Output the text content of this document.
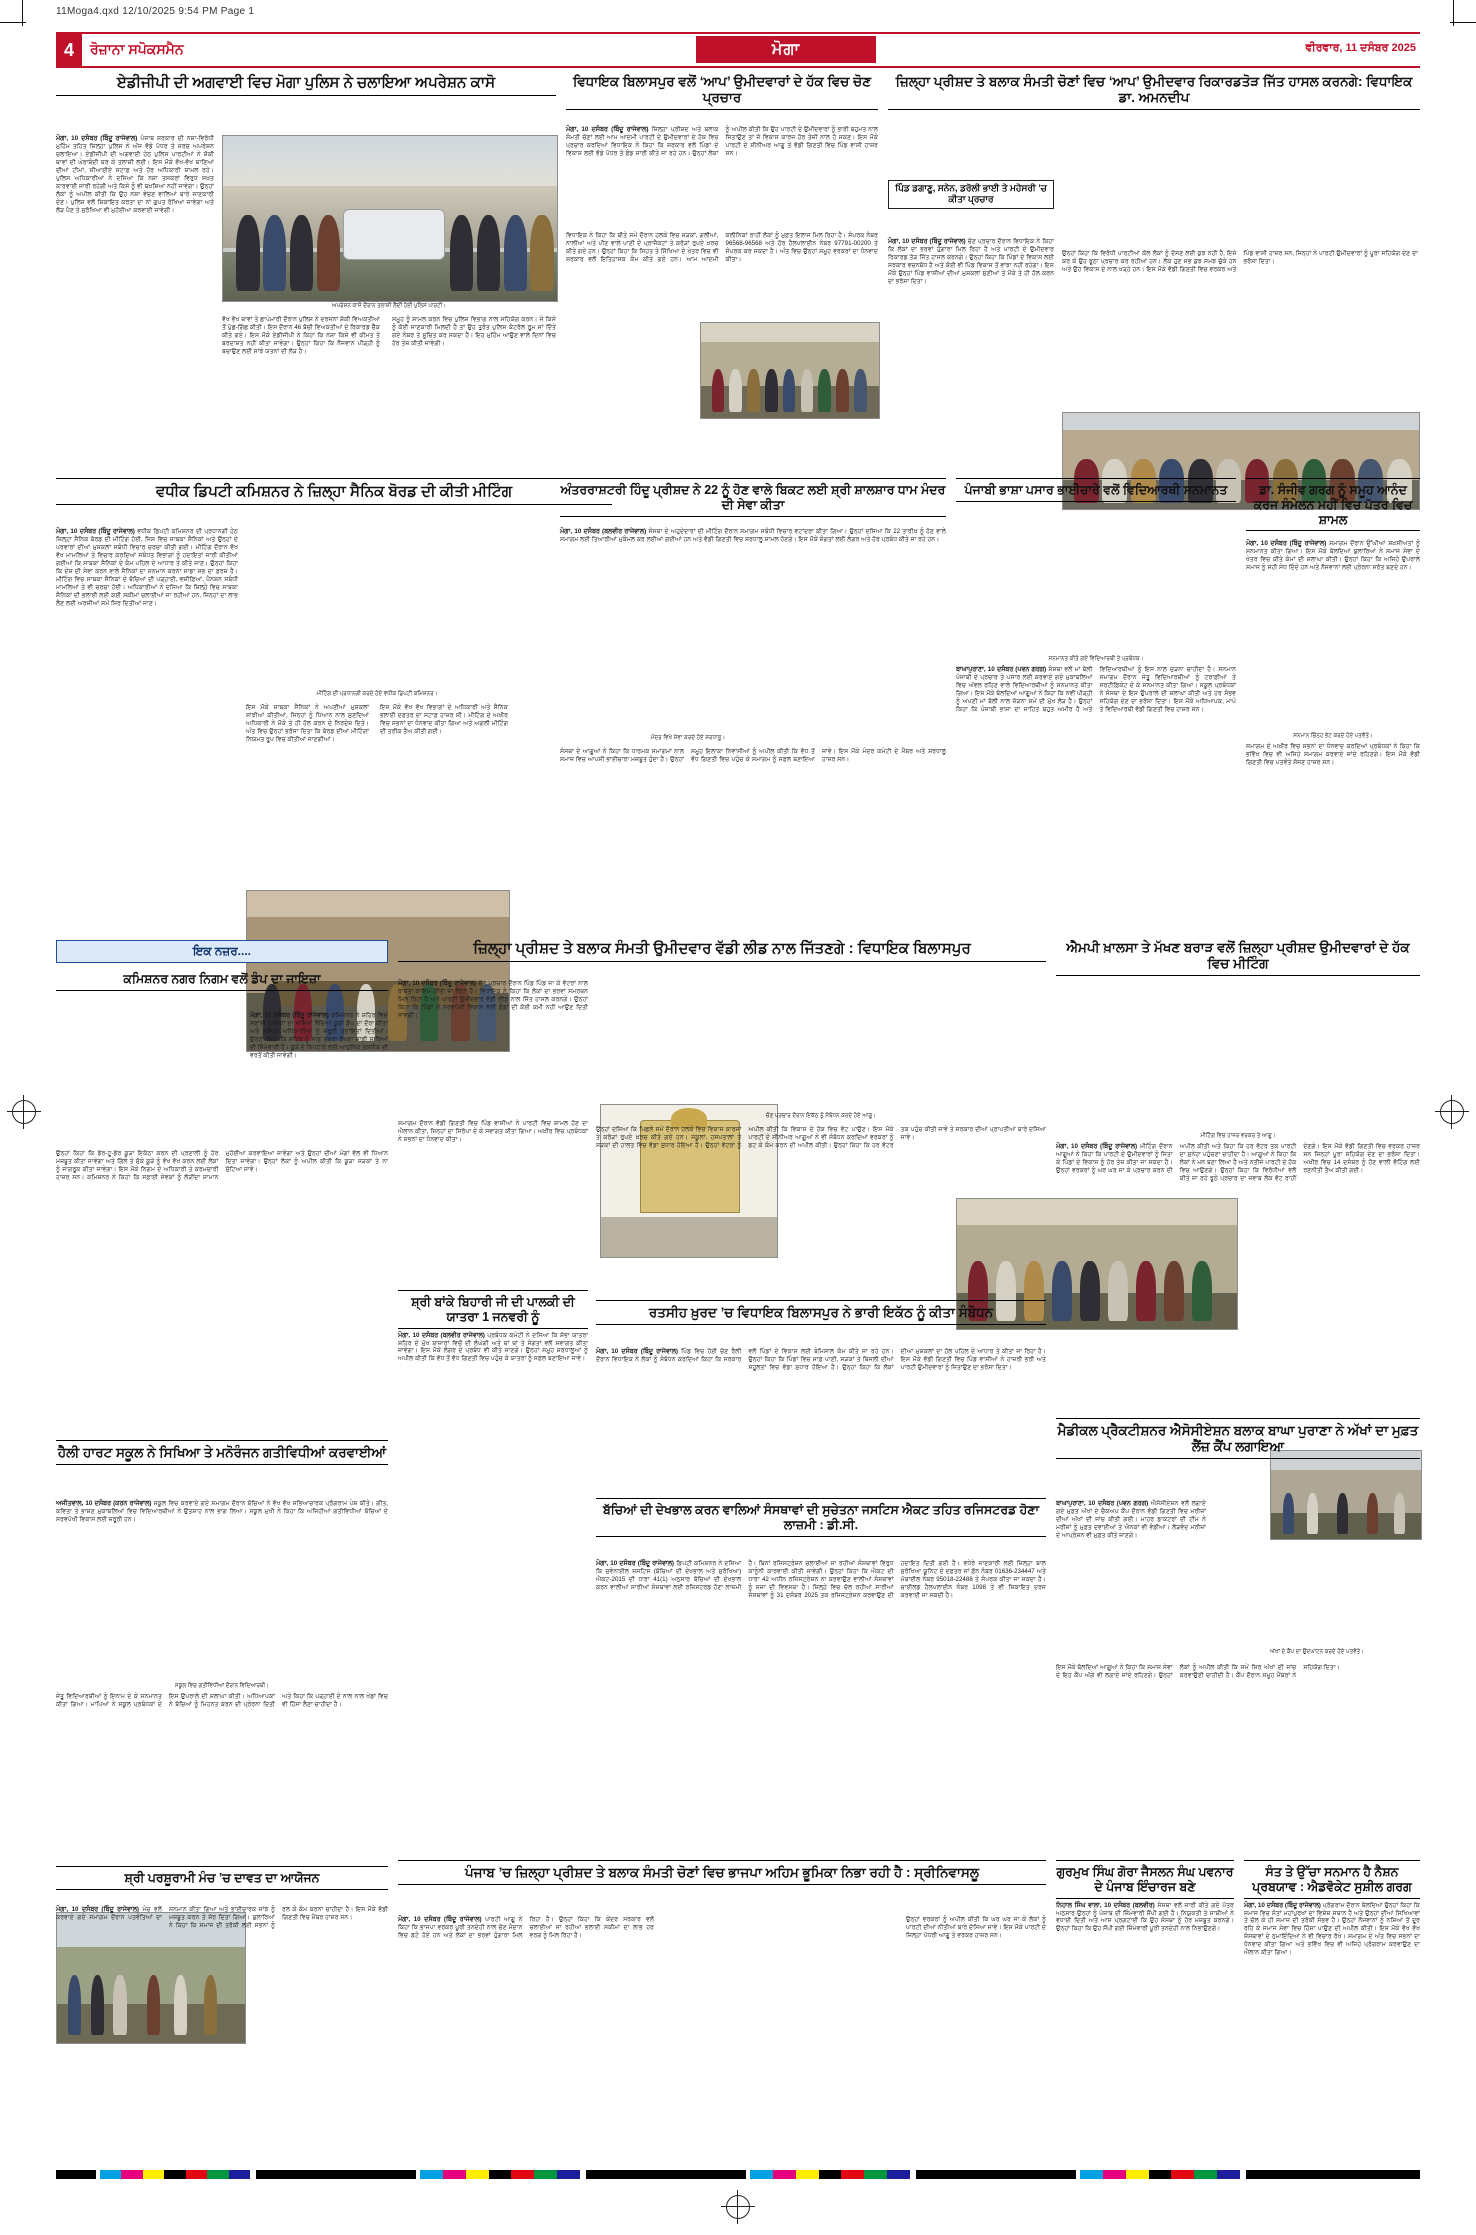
11Moga4.qxd 12/10/2025 9:54 PM Page 1
4	ਰੋਜ਼ਾਨਾ ਸਪੋਕਸਮੈਨ	ਮੋਗਾ	ਵੀਰਵਾਰ, 11 ਦਸੰਬਰ 2025
ਏਡੀਜੀਪੀ ਦੀ ਅਗਵਾਈ ਵਿਚ ਮੋਗਾ ਪੁਲਿਸ ਨੇ ਚਲਾਇਆ ਅਪਰੇਸ਼ਨ ਕਾਸੋ
ਮੋਗਾ, 10 ਦਸੰਬਰ (ਬਿੰਦੂ ਰਾਜੇਵਾਲ) ਪੰਜਾਬ ਸਰਕਾਰ ਦੀ ਨਸ਼ਾ-ਵਿਰੋਧੀ ਮੁਹਿੰਮ ਤਹਿਤ ਜ਼ਿਲ੍ਹਾ ਪੁਲਿਸ ਨੇ ਅੱਜ ਵੱਡੇ ਪੱਧਰ ਤੇ ਸਰਚ ਅਪਰੇਸ਼ਨ ਚਲਾਇਆ। ਏਡੀਜੀਪੀ ਦੀ ਅਗਵਾਈ ਹੇਠ ਪੁਲਿਸ ਪਾਰਟੀਆਂ ਨੇ ਸ਼ੱਕੀ ਥਾਵਾਂ ਦੀ ਘੇਰਾਬੰਦੀ ਕਰ ਕੇ ਤਲਾਸ਼ੀ ਲਈ। ਇਸ ਮੌਕੇ ਵੱਖ-ਵੱਖ ਥਾਣਿਆਂ ਦੀਆਂ ਟੀਮਾਂ, ਸੀਆਈਏ ਸਟਾਫ਼ ਅਤੇ ਹੋਰ ਅਧਿਕਾਰੀ ਸ਼ਾਮਲ ਰਹੇ। ਪੁਲਿਸ ਅਧਿਕਾਰੀਆਂ ਨੇ ਦਸਿਆ ਕਿ ਨਸ਼ਾ ਤਸਕਰਾਂ ਵਿਰੁਧ ਸਖ਼ਤ ਕਾਰਵਾਈ ਜਾਰੀ ਰਹੇਗੀ ਅਤੇ ਕਿਸੇ ਨੂੰ ਵੀ ਬਖ਼ਸ਼ਿਆ ਨਹੀਂ ਜਾਵੇਗਾ। ਉਨ੍ਹਾਂ ਲੋਕਾਂ ਨੂੰ ਅਪੀਲ ਕੀਤੀ ਕਿ ਉਹ ਨਸ਼ਾ ਵੇਚਣ ਵਾਲਿਆਂ ਬਾਰੇ ਜਾਣਕਾਰੀ ਦੇਣ। ਪੁਲਿਸ ਵਲੋਂ ਸ਼ਿਕਾਇਤ ਕਰਤਾ ਦਾ ਨਾਂ ਗੁਪਤ ਰੱਖਿਆ ਜਾਵੇਗਾ ਅਤੇ ਲੋੜ ਪੈਣ ਤੇ ਸੁਰੱਖਿਆ ਵੀ ਮੁਹੱਈਆ ਕਰਵਾਈ ਜਾਵੇਗੀ।
ਅਪਰੇਸ਼ਨ ਕਾਸੋ ਦੌਰਾਨ ਤਲਾਸ਼ੀ ਲੈਂਦੀ ਹੋਈ ਪੁਲਿਸ ਪਾਰਟੀ।
ਵੱਖ ਵੱਖ ਥਾਵਾਂ ਤੇ ਛਾਪੇਮਾਰੀ ਦੌਰਾਨ ਪੁਲਿਸ ਨੇ ਦਰਜਨਾਂ ਸ਼ੱਕੀ ਵਿਅਕਤੀਆਂ ਤੋਂ ਪੁੱਛ-ਗਿੱਛ ਕੀਤੀ। ਇਸ ਦੌਰਾਨ 46 ਬੱਚੀ ਵਿਅਕਤੀਆਂ ਦੇ ਰਿਕਾਰਡ ਚੈੱਕ ਕੀਤੇ ਗਏ। ਇਸ ਮੌਕੇ ਏਡੀਜੀਪੀ ਨੇ ਕਿਹਾ ਕਿ ਨਸ਼ਾ ਕਿਸੇ ਵੀ ਕੀਮਤ ਤੇ ਬਰਦਾਸ਼ਤ ਨਹੀਂ ਕੀਤਾ ਜਾਵੇਗਾ। ਉਨ੍ਹਾਂ ਕਿਹਾ ਕਿ ਨੌਜਵਾਨ ਪੀੜ੍ਹੀ ਨੂੰ ਬਚਾਉਣ ਲਈ ਸਾਂਝੇ ਯਤਨਾਂ ਦੀ ਲੋੜ ਹੈ।
ਸਮੂਹ ਨੂੰ ਸ਼ਾਮਲ ਕਰਨ ਵਿਚ ਪੁਲਿਸ ਵਿਭਾਗ ਨਾਲ ਸਹਿਯੋਗ ਕਰਨ। ਜੇ ਕਿਸੇ ਨੂੰ ਕੋਈ ਜਾਣਕਾਰੀ ਮਿਲਦੀ ਹੈ ਤਾਂ ਉਹ ਤੁਰੰਤ ਪੁਲਿਸ ਕੰਟਰੋਲ ਰੂਮ ਜਾਂ ਦਿੱਤੇ ਗਏ ਨੰਬਰ ਤੇ ਸੂਚਿਤ ਕਰ ਸਕਦਾ ਹੈ। ਇਹ ਮੁਹਿੰਮ ਆਉਣ ਵਾਲੇ ਦਿਨਾਂ ਵਿਚ ਹੋਰ ਤੇਜ਼ ਕੀਤੀ ਜਾਵੇਗੀ।
ਵਿਧਾਇਕ ਬਿਲਾਸਪੁਰ ਵਲੋਂ ‘ਆਪ’ ਉਮੀਦਵਾਰਾਂ ਦੇ ਹੱਕ ਵਿਚ ਚੋਣ ਪ੍ਰਚਾਰ
ਮੋਗਾ, 10 ਦਸੰਬਰ (ਬਿੰਦੂ ਰਾਜੇਵਾਲ) ਜ਼ਿਲ੍ਹਾ ਪ੍ਰੀਸ਼ਦ ਅਤੇ ਬਲਾਕ ਸੰਮਤੀ ਚੋਣਾਂ ਲਈ ਆਮ ਆਦਮੀ ਪਾਰਟੀ ਦੇ ਉਮੀਦਵਾਰਾਂ ਦੇ ਹੱਕ ਵਿਚ ਪ੍ਰਚਾਰ ਕਰਦਿਆਂ ਵਿਧਾਇਕ ਨੇ ਕਿਹਾ ਕਿ ਸਰਕਾਰ ਵਲੋਂ ਪਿੰਡਾਂ ਦੇ ਵਿਕਾਸ ਲਈ ਵੱਡੇ ਪੱਧਰ ਤੇ ਫੰਡ ਜਾਰੀ ਕੀਤੇ ਜਾ ਰਹੇ ਹਨ। ਉਨ੍ਹਾਂ ਲੋਕਾਂ ਨੂੰ ਅਪੀਲ ਕੀਤੀ ਕਿ ਉਹ ਪਾਰਟੀ ਦੇ ਉਮੀਦਵਾਰਾਂ ਨੂੰ ਭਾਰੀ ਬਹੁਮਤ ਨਾਲ ਜਿਤਾਉਣ ਤਾਂ ਜੋ ਵਿਕਾਸ ਕਾਰਜ ਹੋਰ ਤੇਜ਼ੀ ਨਾਲ ਹੋ ਸਕਣ। ਇਸ ਮੌਕੇ ਪਾਰਟੀ ਦੇ ਸੀਨੀਅਰ ਆਗੂ ਤੇ ਵੱਡੀ ਗਿਣਤੀ ਵਿਚ ਪਿੰਡ ਵਾਸੀ ਹਾਜ਼ਰ ਸਨ।
ਵਿਧਾਇਕ ਨੇ ਕਿਹਾ ਕਿ ਬੀਤੇ ਸਮੇਂ ਦੌਰਾਨ ਹਲਕੇ ਵਿਚ ਸੜਕਾਂ, ਗਲੀਆਂ, ਨਾਲੀਆਂ ਅਤੇ ਪੀਣ ਵਾਲੇ ਪਾਣੀ ਦੇ ਪ੍ਰਾਜੈਕਟਾਂ ਤੇ ਕਰੋੜਾਂ ਰੁਪਏ ਖ਼ਰਚ ਕੀਤੇ ਗਏ ਹਨ। ਉਨ੍ਹਾਂ ਕਿਹਾ ਕਿ ਸਿਹਤ ਤੇ ਸਿੱਖਿਆ ਦੇ ਖੇਤਰ ਵਿਚ ਵੀ ਸਰਕਾਰ ਵਲੋਂ ਇਤਿਹਾਸਕ ਕੰਮ ਕੀਤੇ ਗਏ ਹਨ। ਆਮ ਆਦਮੀ ਕਲੀਨਿਕਾਂ ਰਾਹੀਂ ਲੋਕਾਂ ਨੂੰ ਮੁਫ਼ਤ ਇਲਾਜ ਮਿਲ ਰਿਹਾ ਹੈ। ਸੰਪਰਕ ਨੰਬਰ 96568-96568 ਅਤੇ ਹੋਰ ਹੈਲਪਲਾਈਨ ਨੰਬਰ 97791-00200 ਤੇ ਸੰਪਰਕ ਕਰ ਸਕਦਾ ਹੈ। ਅੰਤ ਵਿਚ ਉਨ੍ਹਾਂ ਸਮੂਹ ਵਰਕਰਾਂ ਦਾ ਧੰਨਵਾਦ ਕੀਤਾ।
ਜ਼ਿਲ੍ਹਾ ਪ੍ਰੀਸ਼ਦ ਤੇ ਬਲਾਕ ਸੰਮਤੀ ਚੋਣਾਂ ਵਿਚ ‘ਆਪ’ ਉਮੀਦਵਾਰ ਰਿਕਾਰਡਤੋੜ ਜਿੱਤ ਹਾਸਲ ਕਰਨਗੇ: ਵਿਧਾਇਕ ਡਾ. ਅਮਨਦੀਪ
ਪਿੰਡ ਡਗਾਣੂ, ਸਨੇਨ, ਡਰੋਲੀ ਭਾਈ ਤੇ ਮਹੇਸਰੀ ’ਚ ਕੀਤਾ ਪ੍ਰਚਾਰ
ਮੋਗਾ, 10 ਦਸੰਬਰ (ਬਿੰਦੂ ਰਾਜੇਵਾਲ) ਚੋਣ ਪ੍ਰਚਾਰ ਦੌਰਾਨ ਵਿਧਾਇਕ ਨੇ ਕਿਹਾ ਕਿ ਲੋਕਾਂ ਦਾ ਭਰਵਾਂ ਹੁੰਗਾਰਾ ਮਿਲ ਰਿਹਾ ਹੈ ਅਤੇ ਪਾਰਟੀ ਦੇ ਉਮੀਦਵਾਰ ਰਿਕਾਰਡ ਤੋੜ ਜਿੱਤ ਹਾਸਲ ਕਰਨਗੇ। ਉਨ੍ਹਾਂ ਕਿਹਾ ਕਿ ਪਿੰਡਾਂ ਦੇ ਵਿਕਾਸ ਲਈ ਸਰਕਾਰ ਵਚਨਬੱਧ ਹੈ ਅਤੇ ਕੋਈ ਵੀ ਪਿੰਡ ਵਿਕਾਸ ਤੋਂ ਵਾਂਝਾ ਨਹੀਂ ਰਹੇਗਾ। ਇਸ ਮੌਕੇ ਉਨ੍ਹਾਂ ਪਿੰਡ ਵਾਸੀਆਂ ਦੀਆਂ ਮੁਸ਼ਕਲਾਂ ਸੁਣੀਆਂ ਤੇ ਮੌਕੇ ਤੇ ਹੀ ਹੱਲ ਕਰਨ ਦਾ ਭਰੋਸਾ ਦਿਤਾ।
ਉਨ੍ਹਾਂ ਕਿਹਾ ਕਿ ਵਿਰੋਧੀ ਪਾਰਟੀਆਂ ਕੋਲ ਲੋਕਾਂ ਨੂੰ ਦੱਸਣ ਲਈ ਕੁਝ ਨਹੀਂ ਹੈ, ਇਸੇ ਕਰ ਕੇ ਉਹ ਝੂਠਾ ਪ੍ਰਚਾਰ ਕਰ ਰਹੀਆਂ ਹਨ। ਲੋਕ ਹੁਣ ਸਭ ਕੁਝ ਸਮਝ ਚੁੱਕੇ ਹਨ ਅਤੇ ਉਹ ਵਿਕਾਸ ਦੇ ਨਾਲ ਖੜ੍ਹੇ ਹਨ। ਇਸ ਮੌਕੇ ਵੱਡੀ ਗਿਣਤੀ ਵਿਚ ਵਰਕਰ ਅਤੇ ਪਿੰਡ ਵਾਸੀ ਹਾਜ਼ਰ ਸਨ, ਜਿਨ੍ਹਾਂ ਨੇ ਪਾਰਟੀ ਉਮੀਦਵਾਰਾਂ ਨੂੰ ਪੂਰਾ ਸਹਿਯੋਗ ਦੇਣ ਦਾ ਭਰੋਸਾ ਦਿਤਾ।
ਵਧੀਕ ਡਿਪਟੀ ਕਮਿਸ਼ਨਰ ਨੇ ਜ਼ਿਲ੍ਹਾ ਸੈਨਿਕ ਬੋਰਡ ਦੀ ਕੀਤੀ ਮੀਟਿੰਗ
ਮੀਟਿੰਗ ਦੀ ਪ੍ਰਧਾਨਗੀ ਕਰਦੇ ਹੋਏ ਵਧੀਕ ਡਿਪਟੀ ਕਮਿਸ਼ਨਰ।
ਮੋਗਾ, 10 ਦਸੰਬਰ (ਬਿੰਦੂ ਰਾਜੇਵਾਲ) ਵਧੀਕ ਡਿਪਟੀ ਕਮਿਸ਼ਨਰ ਦੀ ਪ੍ਰਧਾਨਗੀ ਹੇਠ ਜ਼ਿਲ੍ਹਾ ਸੈਨਿਕ ਬੋਰਡ ਦੀ ਮੀਟਿੰਗ ਹੋਈ, ਜਿਸ ਵਿਚ ਸਾਬਕਾ ਸੈਨਿਕਾਂ ਅਤੇ ਉਨ੍ਹਾਂ ਦੇ ਪਰਵਾਰਾਂ ਦੀਆਂ ਮੁਸ਼ਕਲਾਂ ਸਬੰਧੀ ਵਿਚਾਰ ਚਰਚਾ ਕੀਤੀ ਗਈ। ਮੀਟਿੰਗ ਦੌਰਾਨ ਵੱਖ ਵੱਖ ਮਾਮਲਿਆਂ ਤੇ ਵਿਚਾਰ ਕਰਦਿਆਂ ਸਬੰਧਤ ਵਿਭਾਗਾਂ ਨੂੰ ਹਦਾਇਤਾਂ ਜਾਰੀ ਕੀਤੀਆਂ ਗਈਆਂ ਕਿ ਸਾਬਕਾ ਸੈਨਿਕਾਂ ਦੇ ਕੰਮ ਪਹਿਲ ਦੇ ਆਧਾਰ ਤੇ ਕੀਤੇ ਜਾਣ। ਉਨ੍ਹਾਂ ਕਿਹਾ ਕਿ ਦੇਸ਼ ਦੀ ਸੇਵਾ ਕਰਨ ਵਾਲੇ ਸੈਨਿਕਾਂ ਦਾ ਸਨਮਾਨ ਕਰਨਾ ਸਾਡਾ ਸਭ ਦਾ ਫ਼ਰਜ਼ ਹੈ। ਮੀਟਿੰਗ ਵਿਚ ਸਾਬਕਾ ਸੈਨਿਕਾਂ ਦੇ ਬੱਚਿਆਂ ਦੀ ਪੜ੍ਹਾਈ, ਵਜ਼ੀਫ਼ਿਆਂ, ਪੈਨਸ਼ਨ ਸਬੰਧੀ ਮਾਮਲਿਆਂ ਤੇ ਵੀ ਚਰਚਾ ਹੋਈ। ਅਧਿਕਾਰੀਆਂ ਨੇ ਦਸਿਆ ਕਿ ਜ਼ਿਲ੍ਹੇ ਵਿਚ ਸਾਬਕਾ ਸੈਨਿਕਾਂ ਦੀ ਭਲਾਈ ਲਈ ਕਈ ਸਕੀਮਾਂ ਚਲਾਈਆਂ ਜਾ ਰਹੀਆਂ ਹਨ, ਜਿਨ੍ਹਾਂ ਦਾ ਲਾਭ ਲੈਣ ਲਈ ਅਰਜ਼ੀਆਂ ਸਮੇਂ ਸਿਰ ਦਿਤੀਆਂ ਜਾਣ।
ਇਸ ਮੌਕੇ ਸਾਬਕਾ ਸੈਨਿਕਾਂ ਨੇ ਅਪਣੀਆਂ ਮੁਸ਼ਕਲਾਂ ਸਾਂਝੀਆਂ ਕੀਤੀਆਂ, ਜਿਨ੍ਹਾਂ ਨੂੰ ਧਿਆਨ ਨਾਲ ਸੁਣਦਿਆਂ ਅਧਿਕਾਰੀ ਨੇ ਮੌਕੇ ਤੇ ਹੀ ਹੱਲ ਕਰਨ ਦੇ ਨਿਰਦੇਸ਼ ਦਿਤੇ। ਅੰਤ ਵਿਚ ਉਨ੍ਹਾਂ ਭਰੋਸਾ ਦਿਤਾ ਕਿ ਬੋਰਡ ਦੀਆਂ ਮੀਟਿੰਗਾਂ ਨਿਯਮਤ ਰੂਪ ਵਿਚ ਕੀਤੀਆਂ ਜਾਣਗੀਆਂ।
ਇਸ ਮੌਕੇ ਵੱਖ ਵੱਖ ਵਿਭਾਗਾਂ ਦੇ ਅਧਿਕਾਰੀ ਅਤੇ ਸੈਨਿਕ ਭਲਾਈ ਦਫ਼ਤਰ ਦਾ ਸਟਾਫ਼ ਹਾਜ਼ਰ ਸੀ। ਮੀਟਿੰਗ ਦੇ ਅਖ਼ੀਰ ਵਿਚ ਸਭਨਾਂ ਦਾ ਧੰਨਵਾਦ ਕੀਤਾ ਗਿਆ ਅਤੇ ਅਗਲੀ ਮੀਟਿੰਗ ਦੀ ਤਰੀਕ ਤੈਅ ਕੀਤੀ ਗਈ।
ਅੰਤਰਰਾਸ਼ਟਰੀ ਹਿੰਦੂ ਪ੍ਰੀਸ਼ਦ ਨੇ 22 ਨੂੰ ਹੋਣ ਵਾਲੇ ਬਿਕਟ ਲਈ ਸ਼੍ਰੀ ਸ਼ਾਲਸ਼ਾਰ ਧਾਮ ਮੰਦਰ ਦੀ ਸੇਵਾ ਕੀਤਾ
ਮੋਗਾ, 10 ਦਸੰਬਰ (ਬਲਵੀਰ ਰਾਜੇਵਾਲ) ਸੰਸਥਾ ਦੇ ਅਹੁਦੇਦਾਰਾਂ ਦੀ ਮੀਟਿੰਗ ਦੌਰਾਨ ਸਮਾਗਮ ਸਬੰਧੀ ਵਿਚਾਰ ਵਟਾਂਦਰਾ ਕੀਤਾ ਗਿਆ। ਉਨ੍ਹਾਂ ਦਸਿਆ ਕਿ 22 ਤਾਰੀਖ਼ ਨੂੰ ਹੋਣ ਵਾਲੇ ਸਮਾਗਮ ਲਈ ਤਿਆਰੀਆਂ ਮੁਕੰਮਲ ਕਰ ਲਈਆਂ ਗਈਆਂ ਹਨ ਅਤੇ ਵੱਡੀ ਗਿਣਤੀ ਵਿਚ ਸ਼ਰਧਾਲੂ ਸ਼ਾਮਲ ਹੋਣਗੇ। ਇਸ ਮੌਕੇ ਸੰਗਤਾਂ ਲਈ ਲੰਗਰ ਅਤੇ ਹੋਰ ਪ੍ਰਬੰਧ ਕੀਤੇ ਜਾ ਰਹੇ ਹਨ।
ਮੰਦਰ ਵਿਖੇ ਸੇਵਾ ਕਰਦੇ ਹੋਏ ਸ਼ਰਧਾਲੂ।
ਸੰਸਥਾ ਦੇ ਆਗੂਆਂ ਨੇ ਕਿਹਾ ਕਿ ਧਾਰਮਕ ਸਮਾਗਮਾਂ ਨਾਲ ਸਮਾਜ ਵਿਚ ਆਪਸੀ ਭਾਈਚਾਰਾ ਮਜ਼ਬੂਤ ਹੁੰਦਾ ਹੈ। ਉਨ੍ਹਾਂ ਸਮੂਹ ਇਲਾਕਾ ਨਿਵਾਸੀਆਂ ਨੂੰ ਅਪੀਲ ਕੀਤੀ ਕਿ ਵੱਧ ਤੋਂ ਵੱਧ ਗਿਣਤੀ ਵਿਚ ਪਹੁੰਚ ਕੇ ਸਮਾਗਮ ਨੂੰ ਸਫ਼ਲ ਬਣਾਇਆ ਜਾਵੇ। ਇਸ ਮੌਕੇ ਮੰਦਰ ਕਮੇਟੀ ਦੇ ਮੈਂਬਰ ਅਤੇ ਸ਼ਰਧਾਲੂ ਹਾਜ਼ਰ ਸਨ।
ਪੰਜਾਬੀ ਭਾਸ਼ਾ ਪਸਾਰ ਭਾਈਚਾਰੇ ਵਲੋਂ ਵਿਦਿਆਰਥੀ ਸਨਮਾਨਤ
ਸਨਮਾਨਤ ਕੀਤੇ ਗਏ ਵਿਦਿਆਰਥੀ ਤੇ ਪ੍ਰਬੰਧਕ।
ਬਾਘਾਪੁਰਾਣਾ, 10 ਦਸੰਬਰ (ਪਵਨ ਗਰਗ) ਸੰਸਥਾ ਵਲੋਂ ਮਾਂ ਬੋਲੀ ਪੰਜਾਬੀ ਦੇ ਪ੍ਰਚਾਰ ਤੇ ਪਸਾਰ ਲਈ ਕਰਵਾਏ ਗਏ ਮੁਕਾਬਲਿਆਂ ਵਿਚ ਅੱਵਲ ਰਹਿਣ ਵਾਲੇ ਵਿਦਿਆਰਥੀਆਂ ਨੂੰ ਸਨਮਾਨਤ ਕੀਤਾ ਗਿਆ। ਇਸ ਮੌਕੇ ਬੋਲਦਿਆਂ ਆਗੂਆਂ ਨੇ ਕਿਹਾ ਕਿ ਨਵੀਂ ਪੀੜ੍ਹੀ ਨੂੰ ਅਪਣੀ ਮਾਂ ਬੋਲੀ ਨਾਲ ਜੋੜਨਾ ਸਮੇਂ ਦੀ ਮੁੱਖ ਲੋੜ ਹੈ। ਉਨ੍ਹਾਂ ਕਿਹਾ ਕਿ ਪੰਜਾਬੀ ਭਾਸ਼ਾ ਦਾ ਸਾਹਿਤ ਬਹੁਤ ਅਮੀਰ ਹੈ ਅਤੇ ਵਿਦਿਆਰਥੀਆਂ ਨੂੰ ਇਸ ਨਾਲ ਜੁੜਨਾ ਚਾਹੀਦਾ ਹੈ। ਸਨਮਾਨ ਸਮਾਗਮ ਦੌਰਾਨ ਜੇਤੂ ਵਿਦਿਆਰਥੀਆਂ ਨੂੰ ਟਰਾਫ਼ੀਆਂ ਤੇ ਸਰਟੀਫ਼ਿਕੇਟ ਦੇ ਕੇ ਸਨਮਾਨਤ ਕੀਤਾ ਗਿਆ। ਸਕੂਲ ਪ੍ਰਬੰਧਕਾਂ ਨੇ ਸੰਸਥਾ ਦੇ ਇਸ ਉਪਰਾਲੇ ਦੀ ਸ਼ਲਾਘਾ ਕੀਤੀ ਅਤੇ ਹਰ ਸੰਭਵ ਸਹਿਯੋਗ ਦੇਣ ਦਾ ਭਰੋਸਾ ਦਿਤਾ। ਇਸ ਮੌਕੇ ਅਧਿਆਪਕ, ਮਾਪੇ ਤੇ ਵਿਦਿਆਰਥੀ ਵੱਡੀ ਗਿਣਤੀ ਵਿਚ ਹਾਜ਼ਰ ਸਨ।
ਡਾ. ਸੰਜੀਵ ਗਰਗ ਨੂੰ ਸਮੂਹ ਆਨੰਦ ਕਰਜ ਸੰਮੇਲਨ ਮਹੀਂ ਵਿਚ ਪੱਤਰ ਵਿਚ ਸ਼ਾਮਲ
ਮੋਗਾ, 10 ਦਸੰਬਰ (ਬਿੰਦੂ ਰਾਜੇਵਾਲ) ਸਮਾਗਮ ਦੌਰਾਨ ਉੱਘੀਆਂ ਸ਼ਖ਼ਸੀਅਤਾਂ ਨੂੰ ਸਨਮਾਨਤ ਕੀਤਾ ਗਿਆ। ਇਸ ਮੌਕੇ ਬੋਲਦਿਆਂ ਬੁਲਾਰਿਆਂ ਨੇ ਸਮਾਜ ਸੇਵਾ ਦੇ ਖੇਤਰ ਵਿਚ ਕੀਤੇ ਕੰਮਾਂ ਦੀ ਸ਼ਲਾਘਾ ਕੀਤੀ। ਉਨ੍ਹਾਂ ਕਿਹਾ ਕਿ ਅਜਿਹੇ ਉਪਰਾਲੇ ਸਮਾਜ ਨੂੰ ਸਹੀ ਸੇਧ ਦਿੰਦੇ ਹਨ ਅਤੇ ਨੌਜਵਾਨਾਂ ਲਈ ਪ੍ਰੇਰਨਾ ਸਰੋਤ ਬਣਦੇ ਹਨ।
ਸਨਮਾਨ ਚਿੰਨ੍ਹ ਭੇਟ ਕਰਦੇ ਹੋਏ ਪਤਵੰਤੇ।
ਸਮਾਗਮ ਦੇ ਅਖ਼ੀਰ ਵਿਚ ਸਭਨਾਂ ਦਾ ਧੰਨਵਾਦ ਕਰਦਿਆਂ ਪ੍ਰਬੰਧਕਾਂ ਨੇ ਕਿਹਾ ਕਿ ਭਵਿੱਖ ਵਿਚ ਵੀ ਅਜਿਹੇ ਸਮਾਗਮ ਕਰਵਾਏ ਜਾਂਦੇ ਰਹਿਣਗੇ। ਇਸ ਮੌਕੇ ਵੱਡੀ ਗਿਣਤੀ ਵਿਚ ਪਤਵੰਤੇ ਸੱਜਣ ਹਾਜ਼ਰ ਸਨ।
ਇਕ ਨਜ਼ਰ....
ਕਮਿਸ਼ਨਰ ਨਗਰ ਨਿਗਮ ਵਲੋਂ ਡੰਪ ਦਾ ਜਾਇਜ਼ਾ
ਮੋਗਾ, 10 ਦਸੰਬਰ (ਬਿੰਦੂ ਰਾਜੇਵਾਲ) ਕਮਿਸ਼ਨਰ ਨੇ ਸ਼ਹਿਰ ਵਿਚ ਸਫ਼ਾਈ ਪ੍ਰਬੰਧਾਂ ਦਾ ਜਾਇਜ਼ਾ ਲੈਂਦਿਆਂ ਕੂੜਾ ਡੰਪ ਦਾ ਦੌਰਾ ਕੀਤਾ ਅਤੇ ਸਬੰਧਤ ਅਧਿਕਾਰੀਆਂ ਨੂੰ ਜ਼ਰੂਰੀ ਹਦਾਇਤਾਂ ਦਿਤੀਆਂ। ਉਨ੍ਹਾਂ ਕਿਹਾ ਕਿ ਸ਼ਹਿਰ ਨੂੰ ਸਾਫ਼ ਸੁਥਰਾ ਰੱਖਣਾ ਸਾਡੀ ਸਾਰਿਆਂ ਦੀ ਜ਼ਿੰਮੇਵਾਰੀ ਹੈ। ਕੂੜੇ ਦੇ ਨਿਪਟਾਰੇ ਲਈ ਆਧੁਨਿਕ ਤਕਨੀਕ ਦੀ ਵਰਤੋਂ ਕੀਤੀ ਜਾਵੇਗੀ।
ਉਨ੍ਹਾਂ ਕਿਹਾ ਕਿ ਡੋਰ-ਟੂ-ਡੋਰ ਕੂੜਾ ਇਕੱਠਾ ਕਰਨ ਦੀ ਪ੍ਰਣਾਲੀ ਨੂੰ ਹੋਰ ਮਜ਼ਬੂਤ ਕੀਤਾ ਜਾਵੇਗਾ ਅਤੇ ਗਿੱਲੇ ਤੇ ਸੁੱਕੇ ਕੂੜੇ ਨੂੰ ਵੱਖ ਵੱਖ ਕਰਨ ਲਈ ਲੋਕਾਂ ਨੂੰ ਜਾਗਰੂਕ ਕੀਤਾ ਜਾਵੇਗਾ। ਇਸ ਮੌਕੇ ਨਿਗਮ ਦੇ ਅਧਿਕਾਰੀ ਤੇ ਕਰਮਚਾਰੀ ਹਾਜ਼ਰ ਸਨ। ਕਮਿਸ਼ਨਰ ਨੇ ਕਿਹਾ ਕਿ ਸਫ਼ਾਈ ਸੇਵਕਾਂ ਨੂੰ ਲੋੜੀਂਦਾ ਸਾਮਾਨ ਮੁਹੱਈਆ ਕਰਵਾਇਆ ਜਾਵੇਗਾ ਅਤੇ ਉਨ੍ਹਾਂ ਦੀਆਂ ਮੰਗਾਂ ਵੱਲ ਵੀ ਧਿਆਨ ਦਿਤਾ ਜਾਵੇਗਾ। ਉਨ੍ਹਾਂ ਲੋਕਾਂ ਨੂੰ ਅਪੀਲ ਕੀਤੀ ਕਿ ਕੂੜਾ ਸੜਕਾਂ ਤੇ ਨਾ ਸੁੱਟਿਆ ਜਾਵੇ।
ਹੈਲੀ ਹਾਰਟ ਸਕੂਲ ਨੇ ਸਿਖਿਆ ਤੇ ਮਨੋਰੰਜਨ ਗਤੀਵਿਧੀਆਂ ਕਰਵਾਈਆਂ
ਅਜੀਤਵਾਲ, 10 ਦਸੰਬਰ (ਕਰਨ ਰਾਜੇਵਾਲ) ਸਕੂਲ ਵਿਚ ਕਰਵਾਏ ਗਏ ਸਮਾਗਮ ਦੌਰਾਨ ਬੱਚਿਆਂ ਨੇ ਵੱਖ ਵੱਖ ਸਭਿਆਚਾਰਕ ਪ੍ਰੋਗਰਾਮ ਪੇਸ਼ ਕੀਤੇ। ਗੀਤ, ਕਵਿਤਾ ਤੇ ਭਾਸ਼ਣ ਮੁਕਾਬਲਿਆਂ ਵਿਚ ਵਿਦਿਆਰਥੀਆਂ ਨੇ ਉਤਸ਼ਾਹ ਨਾਲ ਭਾਗ ਲਿਆ। ਸਕੂਲ ਮੁਖੀ ਨੇ ਕਿਹਾ ਕਿ ਅਜਿਹੀਆਂ ਗਤੀਵਿਧੀਆਂ ਬੱਚਿਆਂ ਦੇ ਸਰਵਪੱਖੀ ਵਿਕਾਸ ਲਈ ਜ਼ਰੂਰੀ ਹਨ।
ਸਕੂਲ ਵਿਚ ਗਤੀਵਿਧੀਆਂ ਦੌਰਾਨ ਵਿਦਿਆਰਥੀ।
ਜੇਤੂ ਵਿਦਿਆਰਥੀਆਂ ਨੂੰ ਇਨਾਮ ਦੇ ਕੇ ਸਨਮਾਨਤ ਕੀਤਾ ਗਿਆ। ਮਾਪਿਆਂ ਨੇ ਸਕੂਲ ਪ੍ਰਬੰਧਕਾਂ ਦੇ ਇਸ ਉਪਰਾਲੇ ਦੀ ਸ਼ਲਾਘਾ ਕੀਤੀ। ਅਧਿਆਪਕਾਂ ਨੇ ਬੱਚਿਆਂ ਨੂੰ ਮਿਹਨਤ ਕਰਨ ਦੀ ਪ੍ਰੇਰਨਾ ਦਿਤੀ ਅਤੇ ਕਿਹਾ ਕਿ ਪੜ੍ਹਾਈ ਦੇ ਨਾਲ ਨਾਲ ਖੇਡਾਂ ਵਿਚ ਵੀ ਹਿੱਸਾ ਲੈਣਾ ਚਾਹੀਦਾ ਹੈ।
ਸ਼੍ਰੀ ਪਰਸ਼ੂਰਾਮੀ ਮੰਚ ’ਚ ਦਾਵਤ ਦਾ ਆਯੋਜਨ
ਮੋਗਾ, 10 ਦਸੰਬਰ (ਬਿੰਦੂ ਰਾਜੇਵਾਲ) ਮੰਚ ਵਲੋਂ ਕਰਵਾਏ ਗਏ ਸਮਾਗਮ ਦੌਰਾਨ ਪਤਵੰਤਿਆਂ ਦਾ ਸਨਮਾਨ ਕੀਤਾ ਗਿਆ ਅਤੇ ਭਾਈਚਾਰਕ ਸਾਂਝ ਨੂੰ ਮਜ਼ਬੂਤ ਕਰਨ ਤੇ ਜ਼ੋਰ ਦਿਤਾ ਗਿਆ। ਬੁਲਾਰਿਆਂ ਨੇ ਕਿਹਾ ਕਿ ਸਮਾਜ ਦੀ ਤਰੱਕੀ ਲਈ ਸਭਨਾਂ ਨੂੰ ਰਲ ਕੇ ਕੰਮ ਕਰਨਾ ਚਾਹੀਦਾ ਹੈ। ਇਸ ਮੌਕੇ ਵੱਡੀ ਗਿਣਤੀ ਵਿਚ ਮੈਂਬਰ ਹਾਜ਼ਰ ਸਨ।
ਜ਼ਿਲ੍ਹਾ ਪ੍ਰੀਸ਼ਦ ਤੇ ਬਲਾਕ ਸੰਮਤੀ ਉਮੀਦਵਾਰ ਵੱਡੀ ਲੀਡ ਨਾਲ ਜਿੱਤਣਗੇ : ਵਿਧਾਇਕ ਬਿਲਾਸਪੁਰ
ਮੋਗਾ, 10 ਦਸੰਬਰ (ਬਿੰਦੂ ਰਾਜੇਵਾਲ) ਚੋਣ ਪ੍ਰਚਾਰ ਦੌਰਾਨ ਪਿੰਡ ਪਿੰਡ ਜਾ ਕੇ ਵੋਟਰਾਂ ਨਾਲ ਰਾਬਤਾ ਕਾਇਮ ਕੀਤਾ ਜਾ ਰਿਹਾ ਹੈ। ਵਿਧਾਇਕ ਨੇ ਕਿਹਾ ਕਿ ਲੋਕਾਂ ਦਾ ਭਰਵਾਂ ਸਮਰਥਨ ਮਿਲ ਰਿਹਾ ਹੈ ਅਤੇ ਪਾਰਟੀ ਉਮੀਦਵਾਰ ਵੱਡੀ ਲੀਡ ਨਾਲ ਜਿੱਤ ਹਾਸਲ ਕਰਨਗੇ। ਉਨ੍ਹਾਂ ਕਿਹਾ ਕਿ ਪਿੰਡਾਂ ਦੇ ਸਰਵਪੱਖੀ ਵਿਕਾਸ ਲਈ ਫੰਡਾਂ ਦੀ ਕੋਈ ਕਮੀ ਨਹੀਂ ਆਉਣ ਦਿਤੀ ਜਾਵੇਗੀ।
ਚੋਣ ਪ੍ਰਚਾਰ ਦੌਰਾਨ ਇਕੱਠ ਨੂੰ ਸੰਬੋਧਨ ਕਰਦੇ ਹੋਏ ਆਗੂ।
ਉਨ੍ਹਾਂ ਦਸਿਆ ਕਿ ਪਿਛਲੇ ਸਮੇਂ ਦੌਰਾਨ ਹਲਕੇ ਵਿਚ ਵਿਕਾਸ ਕਾਰਜਾਂ ਤੇ ਕਰੋੜਾਂ ਰੁਪਏ ਖ਼ਰਚ ਕੀਤੇ ਗਏ ਹਨ। ਸਕੂਲਾਂ, ਹਸਪਤਾਲਾਂ ਤੇ ਸੜਕਾਂ ਦੀ ਹਾਲਤ ਵਿਚ ਵੱਡਾ ਸੁਧਾਰ ਹੋਇਆ ਹੈ। ਉਨ੍ਹਾਂ ਵੋਟਰਾਂ ਨੂੰ ਅਪੀਲ ਕੀਤੀ ਕਿ ਵਿਕਾਸ ਦੇ ਹੱਕ ਵਿਚ ਵੋਟ ਪਾਉਣ। ਇਸ ਮੌਕੇ ਪਾਰਟੀ ਦੇ ਸੀਨੀਅਰ ਆਗੂਆਂ ਨੇ ਵੀ ਸੰਬੋਧਨ ਕਰਦਿਆਂ ਵਰਕਰਾਂ ਨੂੰ ਡਟ ਕੇ ਕੰਮ ਕਰਨ ਦੀ ਅਪੀਲ ਕੀਤੀ। ਉਨ੍ਹਾਂ ਕਿਹਾ ਕਿ ਹਰ ਵੋਟਰ ਤਕ ਪਹੁੰਚ ਕੀਤੀ ਜਾਵੇ ਤੇ ਸਰਕਾਰ ਦੀਆਂ ਪ੍ਰਾਪਤੀਆਂ ਬਾਰੇ ਦਸਿਆ ਜਾਵੇ।
ਸਮਾਗਮ ਦੌਰਾਨ ਵੱਡੀ ਗਿਣਤੀ ਵਿਚ ਪਿੰਡ ਵਾਸੀਆਂ ਨੇ ਪਾਰਟੀ ਵਿਚ ਸ਼ਾਮਲ ਹੋਣ ਦਾ ਐਲਾਨ ਕੀਤਾ, ਜਿਨ੍ਹਾਂ ਦਾ ਸਿਰੋਪਾ ਦੇ ਕੇ ਸਵਾਗਤ ਕੀਤਾ ਗਿਆ। ਅਖ਼ੀਰ ਵਿਚ ਪ੍ਰਬੰਧਕਾਂ ਨੇ ਸਭਨਾਂ ਦਾ ਧੰਨਵਾਦ ਕੀਤਾ।
ਸ਼੍ਰੀ ਬਾਂਕੇ ਬਿਹਾਰੀ ਜੀ ਦੀ ਪਾਲਕੀ ਦੀ ਯਾਤਰਾ 1 ਜਨਵਰੀ ਨੂੰ
ਮੋਗਾ, 10 ਦਸੰਬਰ (ਬਲਵੀਰ ਰਾਜੇਵਾਲ) ਪ੍ਰਬੰਧਕ ਕਮੇਟੀ ਨੇ ਦਸਿਆ ਕਿ ਸ਼ੋਭਾ ਯਾਤਰਾ ਸ਼ਹਿਰ ਦੇ ਮੁੱਖ ਬਾਜ਼ਾਰਾਂ ਵਿਚੋਂ ਦੀ ਲੰਘੇਗੀ ਅਤੇ ਥਾਂ ਥਾਂ ਤੇ ਸੰਗਤਾਂ ਵਲੋਂ ਸਵਾਗਤ ਕੀਤਾ ਜਾਵੇਗਾ। ਇਸ ਮੌਕੇ ਲੰਗਰ ਦੇ ਪ੍ਰਬੰਧ ਵੀ ਕੀਤੇ ਜਾਣਗੇ। ਉਨ੍ਹਾਂ ਸਮੂਹ ਸ਼ਰਧਾਲੂਆਂ ਨੂੰ ਅਪੀਲ ਕੀਤੀ ਕਿ ਵੱਧ ਤੋਂ ਵੱਧ ਗਿਣਤੀ ਵਿਚ ਪਹੁੰਚ ਕੇ ਯਾਤਰਾ ਨੂੰ ਸਫ਼ਲ ਬਣਾਇਆ ਜਾਵੇ।
ਰਤਸੀਹ ਖ਼ੁਰਦ ’ਚ ਵਿਧਾਇਕ ਬਿਲਾਸਪੁਰ ਨੇ ਭਾਰੀ ਇਕੱਠ ਨੂੰ ਕੀਤਾ ਸੰਬੋਧਨ
ਮੋਗਾ, 10 ਦਸੰਬਰ (ਬਿੰਦੂ ਰਾਜੇਵਾਲ) ਪਿੰਡ ਵਿਚ ਹੋਈ ਚੋਣ ਰੈਲੀ ਦੌਰਾਨ ਵਿਧਾਇਕ ਨੇ ਲੋਕਾਂ ਨੂੰ ਸੰਬੋਧਨ ਕਰਦਿਆਂ ਕਿਹਾ ਕਿ ਸਰਕਾਰ ਵਲੋਂ ਪਿੰਡਾਂ ਦੇ ਵਿਕਾਸ ਲਈ ਬੇਮਿਸਾਲ ਕੰਮ ਕੀਤੇ ਜਾ ਰਹੇ ਹਨ। ਉਨ੍ਹਾਂ ਕਿਹਾ ਕਿ ਪਿੰਡਾਂ ਵਿਚ ਸਾਫ਼ ਪਾਣੀ, ਸੜਕਾਂ ਤੇ ਬਿਜਲੀ ਦੀਆਂ ਸਹੂਲਤਾਂ ਵਿਚ ਵੱਡਾ ਸੁਧਾਰ ਹੋਇਆ ਹੈ। ਉਨ੍ਹਾਂ ਕਿਹਾ ਕਿ ਲੋਕਾਂ ਦੀਆਂ ਮੁਸ਼ਕਲਾਂ ਦਾ ਹੱਲ ਪਹਿਲ ਦੇ ਆਧਾਰ ਤੇ ਕੀਤਾ ਜਾ ਰਿਹਾ ਹੈ। ਇਸ ਮੌਕੇ ਵੱਡੀ ਗਿਣਤੀ ਵਿਚ ਪਿੰਡ ਵਾਸੀਆਂ ਨੇ ਹਾਜ਼ਰੀ ਭਰੀ ਅਤੇ ਪਾਰਟੀ ਉਮੀਦਵਾਰਾਂ ਨੂੰ ਜਿਤਾਉਣ ਦਾ ਭਰੋਸਾ ਦਿਤਾ।
ਬੱਚਿਆਂ ਦੀ ਦੇਖਭਾਲ ਕਰਨ ਵਾਲਿਆਂ ਸੰਸਥਾਵਾਂ ਦੀ ਸੁਚੇਤਨਾ ਜਸਟਿਸ ਐਕਟ ਤਹਿਤ ਰਜਿਸਟਰਡ ਹੋਣਾ ਲਾਜ਼ਮੀ : ਡੀ.ਸੀ.
ਮੋਗਾ, 10 ਦਸੰਬਰ (ਬਿੰਦੂ ਰਾਜੇਵਾਲ) ਡਿਪਟੀ ਕਮਿਸ਼ਨਰ ਨੇ ਦਸਿਆ ਕਿ ਜੁਵੇਨਾਈਲ ਜਸਟਿਸ (ਬੱਚਿਆਂ ਦੀ ਦੇਖਭਾਲ ਅਤੇ ਸੁਰੱਖਿਆ) ਐਕਟ-2015 ਦੀ ਧਾਰਾ 41(1) ਅਨੁਸਾਰ ਬੱਚਿਆਂ ਦੀ ਦੇਖਭਾਲ ਕਰਨ ਵਾਲੀਆਂ ਸਾਰੀਆਂ ਸੰਸਥਾਵਾਂ ਲਈ ਰਜਿਸਟਰਡ ਹੋਣਾ ਲਾਜ਼ਮੀ ਹੈ। ਬਿਨਾਂ ਰਜਿਸਟ੍ਰੇਸ਼ਨ ਚਲਾਈਆਂ ਜਾ ਰਹੀਆਂ ਸੰਸਥਾਵਾਂ ਵਿਰੁਧ ਕਾਨੂੰਨੀ ਕਾਰਵਾਈ ਕੀਤੀ ਜਾਵੇਗੀ। ਉਨ੍ਹਾਂ ਕਿਹਾ ਕਿ ਐਕਟ ਦੀ ਧਾਰਾ 42 ਅਧੀਨ ਰਜਿਸਟ੍ਰੇਸ਼ਨ ਨਾ ਕਰਵਾਉਣ ਵਾਲੀਆਂ ਸੰਸਥਾਵਾਂ ਨੂੰ ਸਜ਼ਾ ਦੀ ਵਿਵਸਥਾ ਹੈ। ਜ਼ਿਲ੍ਹੇ ਵਿਚ ਚੱਲ ਰਹੀਆਂ ਸਾਰੀਆਂ ਸੰਸਥਾਵਾਂ ਨੂੰ 31 ਦਸੰਬਰ 2025 ਤਕ ਰਜਿਸਟ੍ਰੇਸ਼ਨ ਕਰਵਾਉਣ ਦੀ ਹਦਾਇਤ ਦਿਤੀ ਗਈ ਹੈ। ਵਧੇਰੇ ਜਾਣਕਾਰੀ ਲਈ ਜ਼ਿਲ੍ਹਾ ਬਾਲ ਸੁਰੱਖਿਆ ਯੂਨਿਟ ਦੇ ਦਫ਼ਤਰ ਜਾਂ ਫ਼ੋਨ ਨੰਬਰ 01636-234447 ਅਤੇ ਮੋਬਾਈਲ ਨੰਬਰ 95018-22488 ਤੇ ਸੰਪਰਕ ਕੀਤਾ ਜਾ ਸਕਦਾ ਹੈ। ਚਾਈਲਡ ਹੈਲਪਲਾਈਨ ਨੰਬਰ 1098 ਤੇ ਵੀ ਸ਼ਿਕਾਇਤ ਦਰਜ ਕਰਵਾਈ ਜਾ ਸਕਦੀ ਹੈ।
ਪੰਜਾਬ ’ਚ ਜ਼ਿਲ੍ਹਾ ਪ੍ਰੀਸ਼ਦ ਤੇ ਬਲਾਕ ਸੰਮਤੀ ਚੋਣਾਂ ਵਿਚ ਭਾਜਪਾ ਅਹਿਮ ਭੂਮਿਕਾ ਨਿਭਾ ਰਹੀ ਹੈ : ਸ੍ਰੀਨਿਵਾਸਲੂ
ਮੋਗਾ, 10 ਦਸੰਬਰ (ਬਿੰਦੂ ਰਾਜੇਵਾਲ) ਪਾਰਟੀ ਆਗੂ ਨੇ ਕਿਹਾ ਕਿ ਭਾਜਪਾ ਵਰਕਰ ਪੂਰੀ ਤਨਦੇਹੀ ਨਾਲ ਚੋਣ ਮੈਦਾਨ ਵਿਚ ਡਟੇ ਹੋਏ ਹਨ ਅਤੇ ਲੋਕਾਂ ਦਾ ਭਰਵਾਂ ਹੁੰਗਾਰਾ ਮਿਲ ਰਿਹਾ ਹੈ। ਉਨ੍ਹਾਂ ਕਿਹਾ ਕਿ ਕੇਂਦਰ ਸਰਕਾਰ ਵਲੋਂ ਚਲਾਈਆਂ ਜਾ ਰਹੀਆਂ ਭਲਾਈ ਸਕੀਮਾਂ ਦਾ ਲਾਭ ਹਰ ਵਰਗ ਨੂੰ ਮਿਲ ਰਿਹਾ ਹੈ।
ਉਨ੍ਹਾਂ ਵਰਕਰਾਂ ਨੂੰ ਅਪੀਲ ਕੀਤੀ ਕਿ ਘਰ ਘਰ ਜਾ ਕੇ ਲੋਕਾਂ ਨੂੰ ਪਾਰਟੀ ਦੀਆਂ ਨੀਤੀਆਂ ਬਾਰੇ ਦੱਸਿਆ ਜਾਵੇ। ਇਸ ਮੌਕੇ ਪਾਰਟੀ ਦੇ ਜ਼ਿਲ੍ਹਾ ਪੱਧਰੀ ਆਗੂ ਤੇ ਵਰਕਰ ਹਾਜ਼ਰ ਸਨ।
ਐਮਪੀ ਖ਼ਾਲਸਾ ਤੇ ਮੱਖਣ ਬਰਾੜ ਵਲੋਂ ਜ਼ਿਲ੍ਹਾ ਪ੍ਰੀਸ਼ਦ ਉਮੀਦਵਾਰਾਂ ਦੇ ਹੱਕ ਵਿਚ ਮੀਟਿੰਗ
ਮੀਟਿੰਗ ਵਿਚ ਹਾਜ਼ਰ ਵਰਕਰ ਤੇ ਆਗੂ।
ਮੋਗਾ, 10 ਦਸੰਬਰ (ਬਿੰਦੂ ਰਾਜੇਵਾਲ) ਮੀਟਿੰਗ ਦੌਰਾਨ ਆਗੂਆਂ ਨੇ ਕਿਹਾ ਕਿ ਪਾਰਟੀ ਦੇ ਉਮੀਦਵਾਰਾਂ ਨੂੰ ਜਿਤਾ ਕੇ ਪਿੰਡਾਂ ਦੇ ਵਿਕਾਸ ਨੂੰ ਹੋਰ ਤੇਜ਼ ਕੀਤਾ ਜਾ ਸਕਦਾ ਹੈ। ਉਨ੍ਹਾਂ ਵਰਕਰਾਂ ਨੂੰ ਘਰ ਘਰ ਜਾ ਕੇ ਪ੍ਰਚਾਰ ਕਰਨ ਦੀ ਅਪੀਲ ਕੀਤੀ ਅਤੇ ਕਿਹਾ ਕਿ ਹਰ ਵੋਟਰ ਤਕ ਪਾਰਟੀ ਦਾ ਸੁਨੇਹਾ ਪਹੁੰਚਣਾ ਚਾਹੀਦਾ ਹੈ। ਆਗੂਆਂ ਨੇ ਕਿਹਾ ਕਿ ਲੋਕਾਂ ਨੇ ਮਨ ਬਣਾ ਲਿਆ ਹੈ ਅਤੇ ਨਤੀਜੇ ਪਾਰਟੀ ਦੇ ਹੱਕ ਵਿਚ ਆਉਣਗੇ। ਉਨ੍ਹਾਂ ਕਿਹਾ ਕਿ ਵਿਰੋਧੀਆਂ ਵਲੋਂ ਕੀਤੇ ਜਾ ਰਹੇ ਝੂਠੇ ਪ੍ਰਚਾਰ ਦਾ ਜਵਾਬ ਲੋਕ ਵੋਟ ਰਾਹੀਂ ਦੇਣਗੇ। ਇਸ ਮੌਕੇ ਵੱਡੀ ਗਿਣਤੀ ਵਿਚ ਵਰਕਰ ਹਾਜ਼ਰ ਸਨ ਜਿਨ੍ਹਾਂ ਪੂਰਾ ਸਹਿਯੋਗ ਦੇਣ ਦਾ ਭਰੋਸਾ ਦਿਤਾ। ਅਖ਼ੀਰ ਵਿਚ 14 ਦਸੰਬਰ ਨੂੰ ਹੋਣ ਵਾਲੀ ਵੋਟਿੰਗ ਲਈ ਰਣਨੀਤੀ ਤੈਅ ਕੀਤੀ ਗਈ।
ਮੈਡੀਕਲ ਪ੍ਰੈਕਟੀਸ਼ਨਰ ਐਸੋਸੀਏਸ਼ਨ ਬਲਾਕ ਬਾਘਾ ਪੁਰਾਣਾ ਨੇ ਅੱਖਾਂ ਦਾ ਮੁਫ਼ਤ ਲੈਂਜ਼ ਕੈਂਪ ਲਗਾਇਆ
ਬਾਘਾਪੁਰਾਣਾ, 10 ਦਸੰਬਰ (ਪਵਨ ਗਰਗ) ਐਸੋਸੀਏਸ਼ਨ ਵਲੋਂ ਲਗਾਏ ਗਏ ਮੁਫ਼ਤ ਅੱਖਾਂ ਦੇ ਚੈਕਅਪ ਕੈਂਪ ਦੌਰਾਨ ਵੱਡੀ ਗਿਣਤੀ ਵਿਚ ਮਰੀਜ਼ਾਂ ਦੀਆਂ ਅੱਖਾਂ ਦੀ ਜਾਂਚ ਕੀਤੀ ਗਈ। ਮਾਹਰ ਡਾਕਟਰਾਂ ਦੀ ਟੀਮ ਨੇ ਮਰੀਜ਼ਾਂ ਨੂੰ ਮੁਫ਼ਤ ਦਵਾਈਆਂ ਤੇ ਐਨਕਾਂ ਵੀ ਵੰਡੀਆਂ। ਲੋੜਵੰਦ ਮਰੀਜ਼ਾਂ ਦੇ ਆਪ੍ਰੇਸ਼ਨ ਵੀ ਮੁਫ਼ਤ ਕੀਤੇ ਜਾਣਗੇ।
ਅੱਖਾਂ ਦੇ ਕੈਂਪ ਦਾ ਉਦਘਾਟਨ ਕਰਦੇ ਹੋਏ ਪਤਵੰਤੇ।
ਇਸ ਮੌਕੇ ਬੋਲਦਿਆਂ ਆਗੂਆਂ ਨੇ ਕਿਹਾ ਕਿ ਸਮਾਜ ਸੇਵਾ ਦੇ ਇਹ ਕੈਂਪ ਅੱਗੇ ਵੀ ਲਗਾਏ ਜਾਂਦੇ ਰਹਿਣਗੇ। ਉਨ੍ਹਾਂ ਲੋਕਾਂ ਨੂੰ ਅਪੀਲ ਕੀਤੀ ਕਿ ਸਮੇਂ ਸਿਰ ਅੱਖਾਂ ਦੀ ਜਾਂਚ ਕਰਵਾਉਣੀ ਚਾਹੀਦੀ ਹੈ। ਕੈਂਪ ਦੌਰਾਨ ਸਮੂਹ ਮੈਂਬਰਾਂ ਨੇ ਸਹਿਯੋਗ ਦਿਤਾ।
ਗੁਰਮੁਖ ਸਿੰਘ ਗੋਰਾ ਜੈਸਲਨ ਸੰਘ ਪਵਨਾਰ ਦੇ ਪੰਜਾਬ ਇੰਚਾਰਜ ਬਣੇ
ਨਿਹਾਲ ਸਿੰਘ ਵਾਲਾ, 10 ਦਸੰਬਰ (ਬਲਵੀਰ) ਸੰਸਥਾ ਵਲੋਂ ਜਾਰੀ ਕੀਤੇ ਗਏ ਪੱਤਰ ਅਨੁਸਾਰ ਉਨ੍ਹਾਂ ਨੂੰ ਪੰਜਾਬ ਦੀ ਜ਼ਿੰਮੇਵਾਰੀ ਸੌਂਪੀ ਗਈ ਹੈ। ਨਿਯੁਕਤੀ ਤੇ ਸਾਥੀਆਂ ਨੇ ਵਧਾਈ ਦਿਤੀ ਅਤੇ ਆਸ ਪ੍ਰਗਟਾਈ ਕਿ ਉਹ ਸੰਸਥਾ ਨੂੰ ਹੋਰ ਮਜ਼ਬੂਤ ਕਰਨਗੇ। ਉਨ੍ਹਾਂ ਕਿਹਾ ਕਿ ਉਹ ਸੌਂਪੀ ਗਈ ਜ਼ਿੰਮੇਵਾਰੀ ਪੂਰੀ ਤਨਦੇਹੀ ਨਾਲ ਨਿਭਾਉਣਗੇ।
ਸੰਤ ਤੇ ਉੱਚਾ ਸਨਮਾਨ ਹੈ ਨੈਸ਼ਨ ਪ੍ਰਬਯਾਵ : ਐਡਵੋਕੇਟ ਸੁਸ਼ੀਲ ਗਰਗ
ਮੋਗਾ, 10 ਦਸੰਬਰ (ਬਿੰਦੂ ਰਾਜੇਵਾਲ) ਪ੍ਰੋਗਰਾਮ ਦੌਰਾਨ ਬੋਲਦਿਆਂ ਉਨ੍ਹਾਂ ਕਿਹਾ ਕਿ ਸਮਾਜ ਵਿਚ ਸੰਤਾਂ ਮਹਾਂਪੁਰਖਾਂ ਦਾ ਵਿਸ਼ੇਸ਼ ਸਥਾਨ ਹੈ ਅਤੇ ਉਨ੍ਹਾਂ ਦੀਆਂ ਸਿਖਿਆਵਾਂ ਤੇ ਚੱਲ ਕੇ ਹੀ ਸਮਾਜ ਦੀ ਤਰੱਕੀ ਸੰਭਵ ਹੈ। ਉਨ੍ਹਾਂ ਨੌਜਵਾਨਾਂ ਨੂੰ ਨਸ਼ਿਆਂ ਤੋਂ ਦੂਰ ਰਹਿ ਕੇ ਸਮਾਜ ਸੇਵਾ ਵਿਚ ਹਿੱਸਾ ਪਾਉਣ ਦੀ ਅਪੀਲ ਕੀਤੀ। ਇਸ ਮੌਕੇ ਵੱਖ ਵੱਖ ਸੰਸਥਾਵਾਂ ਦੇ ਨੁਮਾਇੰਦਿਆਂ ਨੇ ਵੀ ਵਿਚਾਰ ਰੱਖੇ। ਸਮਾਗਮ ਦੇ ਅੰਤ ਵਿਚ ਸਭਨਾਂ ਦਾ ਧੰਨਵਾਦ ਕੀਤਾ ਗਿਆ ਅਤੇ ਭਵਿੱਖ ਵਿਚ ਵੀ ਅਜਿਹੇ ਪ੍ਰੋਗਰਾਮ ਕਰਵਾਉਣ ਦਾ ਐਲਾਨ ਕੀਤਾ ਗਿਆ।
